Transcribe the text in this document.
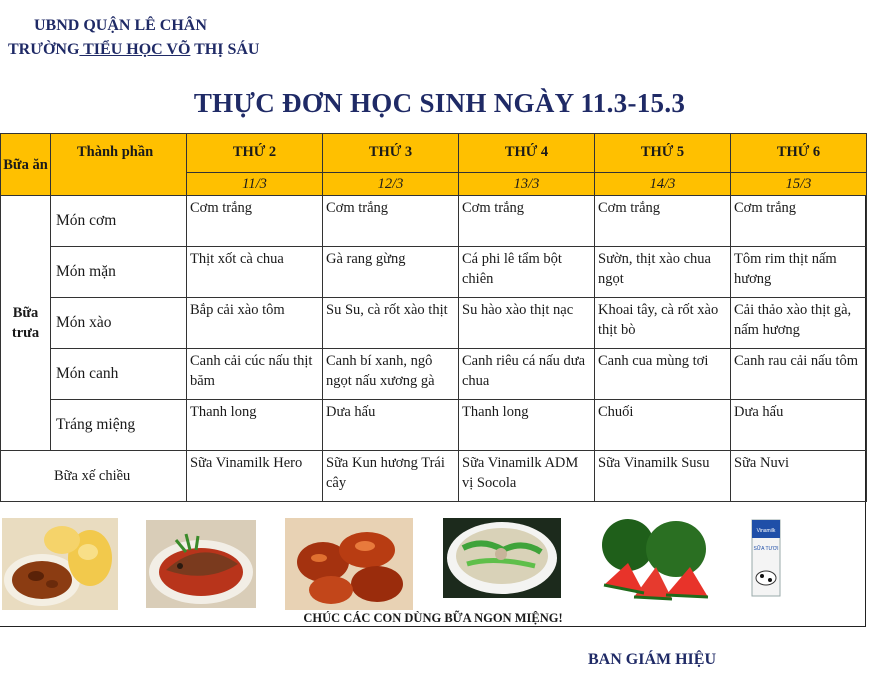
UBND QUẬN LÊ CHÂN
TRƯỜNG TIỂU HỌC VÕ THỊ SÁU
THỰC ĐƠN HỌC SINH NGÀY 11.3-15.3
Bữa ăn	Thành phần	THỨ 2	THỨ 3	THỨ 4	THỨ 5	THỨ 6
		11/3	12/3	13/3	14/3	15/3
Bữa trưa	Món cơm	Cơm trắng	Cơm trắng	Cơm trắng	Cơm trắng	Cơm trắng
	Món mặn	Thịt xốt cà chua	Gà rang gừng	Cá phi lê tẩm bột chiên	Sườn, thịt xào chua ngọt	Tôm rim thịt nấm hương
	Món xào	Bắp cải xào tôm	Su Su, cà rốt xào thịt	Su hào xào thịt nạc	Khoai tây, cà rốt xào thịt bò	Cải thảo xào thịt gà, nấm hương
	Món canh	Canh cải cúc nấu thịt băm	Canh bí xanh, ngô ngọt nấu xương gà	Canh riêu cá nấu dưa chua	Canh cua mùng tơi	Canh rau cải nấu tôm
	Tráng miệng	Thanh long	Dưa hấu	Thanh long	Chuối	Dưa hấu
Bữa xế chiều		Sữa Vinamilk Hero	Sữa Kun hương Trái cây	Sữa Vinamilk ADM vị Socola	Sữa Vinamilk Susu	Sữa Nuvi
Vinamilk
SỮA TƯƠI
CHÚC CÁC CON DÙNG BỮA NGON MIỆNG!
BAN GIÁM HIỆU
